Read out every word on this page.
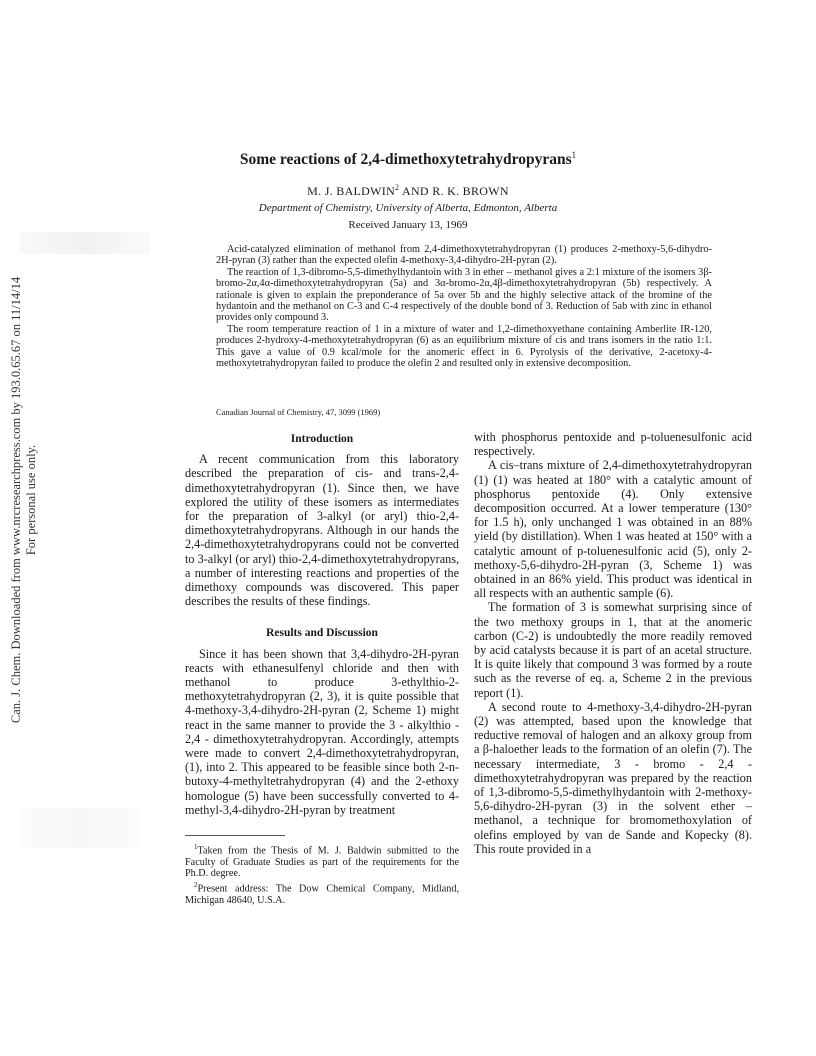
Can. J. Chem. Downloaded from www.nrcresearchpress.com by 193.0.65.67 on 11/14/14 For personal use only.
Some reactions of 2,4-dimethoxytetrahydropyrans$^1$
M. J. BALDWIN$^2$ AND R. K. BROWN
Department of Chemistry, University of Alberta, Edmonton, Alberta
Received January 13, 1969

Acid-catalyzed elimination of methanol from 2,4-dimethoxytetrahydropyran (1) produces 2-methoxy-5,6-dihydro-2H-pyran (3) rather than the expected olefin 4-methoxy-3,4-dihydro-2H-pyran (2).

The reaction of 1,3-dibromo-5,5-dimethylhydantoin with 3 in ether – methanol gives a 2:1 mixture of the isomers 3β-bromo-2α,4α-dimethoxytetrahydropyran (5a) and 3α-bromo-2α,4β-dimethoxytetrahydropyran (5b) respectively. A rationale is given to explain the preponderance of 5a over 5b and the highly selective attack of the bromine of the hydantoin and the methanol on C-3 and C-4 respectively of the double bond of 3. Reduction of 5ab with zinc in ethanol provides only compound 3.

The room temperature reaction of 1 in a mixture of water and 1,2-dimethoxyethane containing Amberlite IR-120, produces 2-hydroxy-4-methoxytetrahydropyran (6) as an equilibrium mixture of cis and trans isomers in the ratio 1:1. This gave a value of 0.9 kcal/mole for the anomeric effect in 6. Pyrolysis of the derivative, 2-acetoxy-4-methoxytetrahydropyran failed to produce the olefin 2 and resulted only in extensive decomposition.

Canadian Journal of Chemistry, 47, 3099 (1969)
Introduction

A recent communication from this laboratory described the preparation of cis- and trans-2,4-dimethoxytetrahydropyran (1). Since then, we have explored the utility of these isomers as intermediates for the preparation of 3-alkyl (or aryl) thio-2,4-dimethoxytetrahydropyrans. Although in our hands the 2,4-dimethoxytetrahydropyrans could not be converted to 3-alkyl (or aryl) thio-2,4-dimethoxytetrahydropyrans, a number of interesting reactions and properties of the dimethoxy compounds was discovered. This paper describes the results of these findings.

Results and Discussion

Since it has been shown that 3,4-dihydro-2H-pyran reacts with ethanesulfenyl chloride and then with methanol to produce 3-ethylthio-2-methoxytetrahydropyran (2, 3), it is quite possible that 4-methoxy-3,4-dihydro-2H-pyran (2, Scheme 1) might react in the same manner to provide the 3 - alkylthio - 2,4 - dimethoxytetrahydropyran. Accordingly, attempts were made to convert 2,4-dimethoxytetrahydropyran, (1), into 2. This appeared to be feasible since both 2-n-butoxy-4-methyltetrahydropyran (4) and the 2-ethoxy homologue (5) have been successfully converted to 4-methyl-3,4-dihydro-2H-pyran by treatment

$^1$Taken from the Thesis of M. J. Baldwin submitted to the Faculty of Graduate Studies as part of the requirements for the Ph.D. degree.

$^2$Present address: The Dow Chemical Company, Midland, Michigan 48640, U.S.A.

with phosphorus pentoxide and p-toluenesulfonic acid respectively.

A cis–trans mixture of 2,4-dimethoxytetrahydropyran (1) (1) was heated at 180° with a catalytic amount of phosphorus pentoxide (4). Only extensive decomposition occurred. At a lower temperature (130° for 1.5 h), only unchanged 1 was obtained in an 88% yield (by distillation). When 1 was heated at 150° with a catalytic amount of p-toluenesulfonic acid (5), only 2-methoxy-5,6-dihydro-2H-pyran (3, Scheme 1) was obtained in an 86% yield. This product was identical in all respects with an authentic sample (6).

The formation of 3 is somewhat surprising since of the two methoxy groups in 1, that at the anomeric carbon (C-2) is undoubtedly the more readily removed by acid catalysts because it is part of an acetal structure. It is quite likely that compound 3 was formed by a route such as the reverse of eq. a, Scheme 2 in the previous report (1).

A second route to 4-methoxy-3,4-dihydro-2H-pyran (2) was attempted, based upon the knowledge that reductive removal of halogen and an alkoxy group from a β-haloether leads to the formation of an olefin (7). The necessary intermediate, 3 - bromo - 2,4 - dimethoxytetrahydropyran was prepared by the reaction of 1,3-dibromo-5,5-dimethylhydantoin with 2-methoxy-5,6-dihydro-2H-pyran (3) in the solvent ether – methanol, a technique for bromomethoxylation of olefins employed by van de Sande and Kopecky (8). This route provided in a
